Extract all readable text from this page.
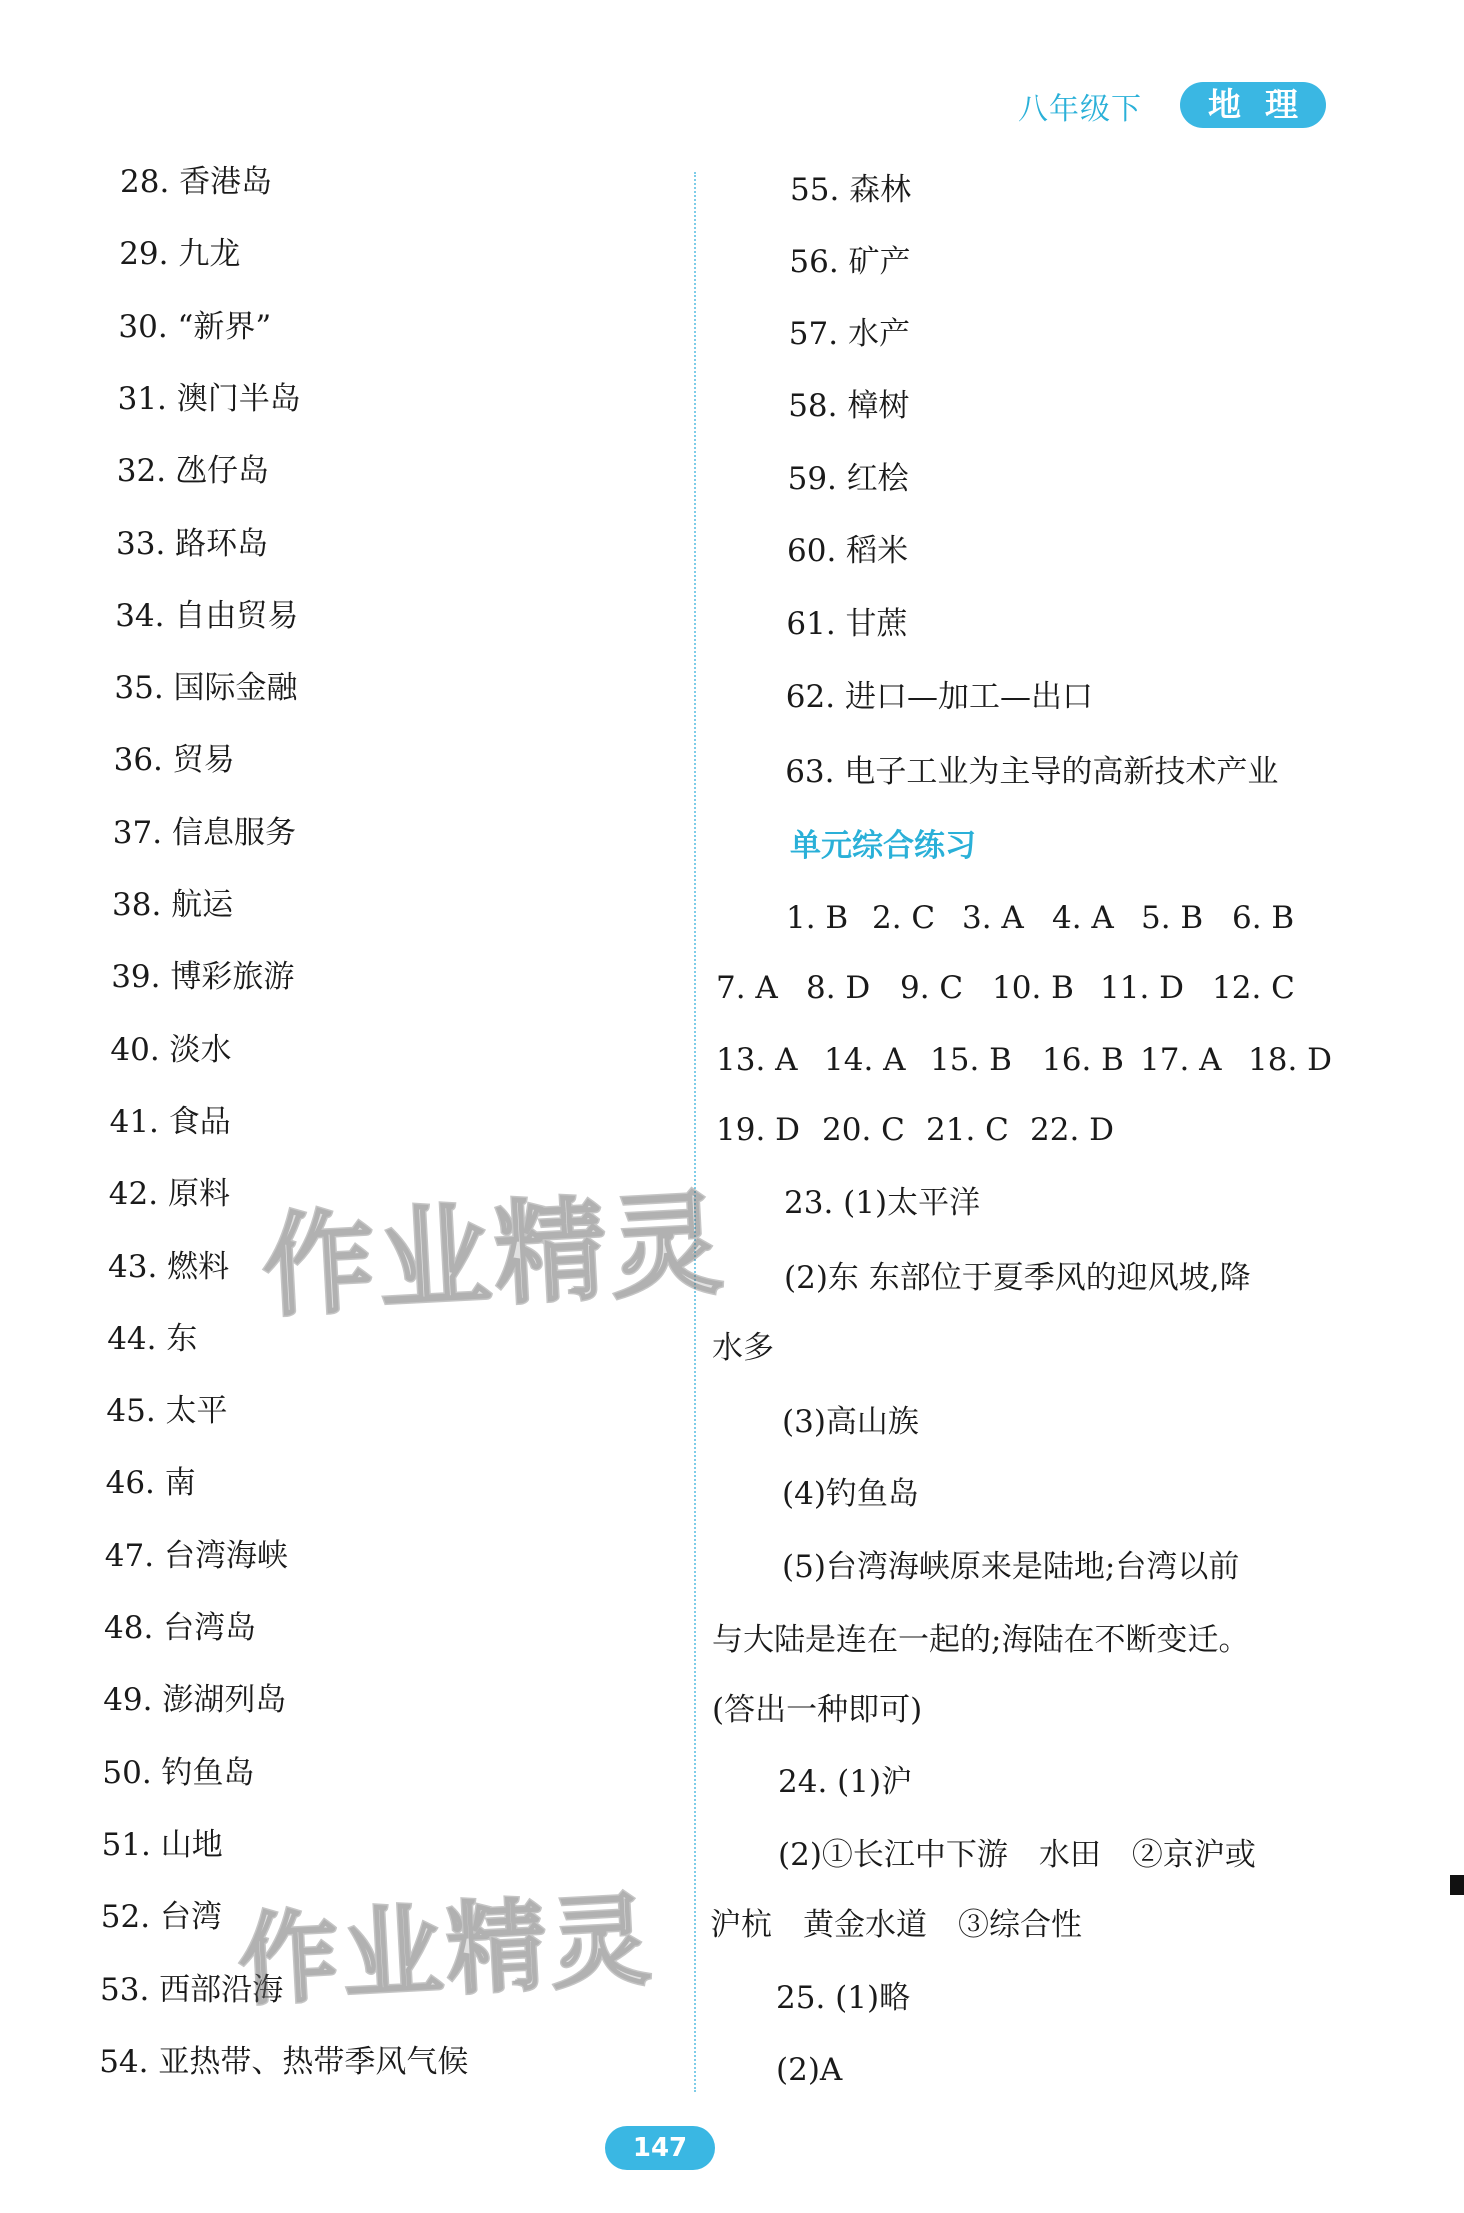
八年级下	地理
28. 香港岛
29. 九龙
30. “新界”
31. 澳门半岛
32. 氹仔岛
33. 路环岛
34. 自由贸易
35. 国际金融
36. 贸易
37. 信息服务
38. 航运
39. 博彩旅游
40. 淡水
41. 食品
42. 原料
43. 燃料
44. 东
45. 太平
46. 南
47. 台湾海峡
48. 台湾岛
49. 澎湖列岛
50. 钓鱼岛
51. 山地
52. 台湾
53. 西部沿海
54. 亚热带、热带季风气候
55. 森林
56. 矿产
57. 水产
58. 樟树
59. 红桧
60. 稻米
61. 甘蔗
62. 进口—加工—出口
63. 电子工业为主导的高新技术产业
单元综合练习
1. B 2. C 3. A 4. A 5. B 6. B
7. A 8. D 9. C 10. B 11. D 12. C
13. A 14. A 15. B 16. B 17. A 18. D
19. D 20. C 21. C 22. D
23. (1)太平洋
(2)东 东部位于夏季风的迎风坡,降
水多
(3)高山族
(4)钓鱼岛
(5)台湾海峡原来是陆地;台湾以前
与大陆是连在一起的;海陆在不断变迁。
(答出一种即可)
24. (1)沪
(2)①长江中下游　水田　②京沪或
沪杭　黄金水道　③综合性
25. (1)略
(2)A
作业精灵
作业精灵
147
